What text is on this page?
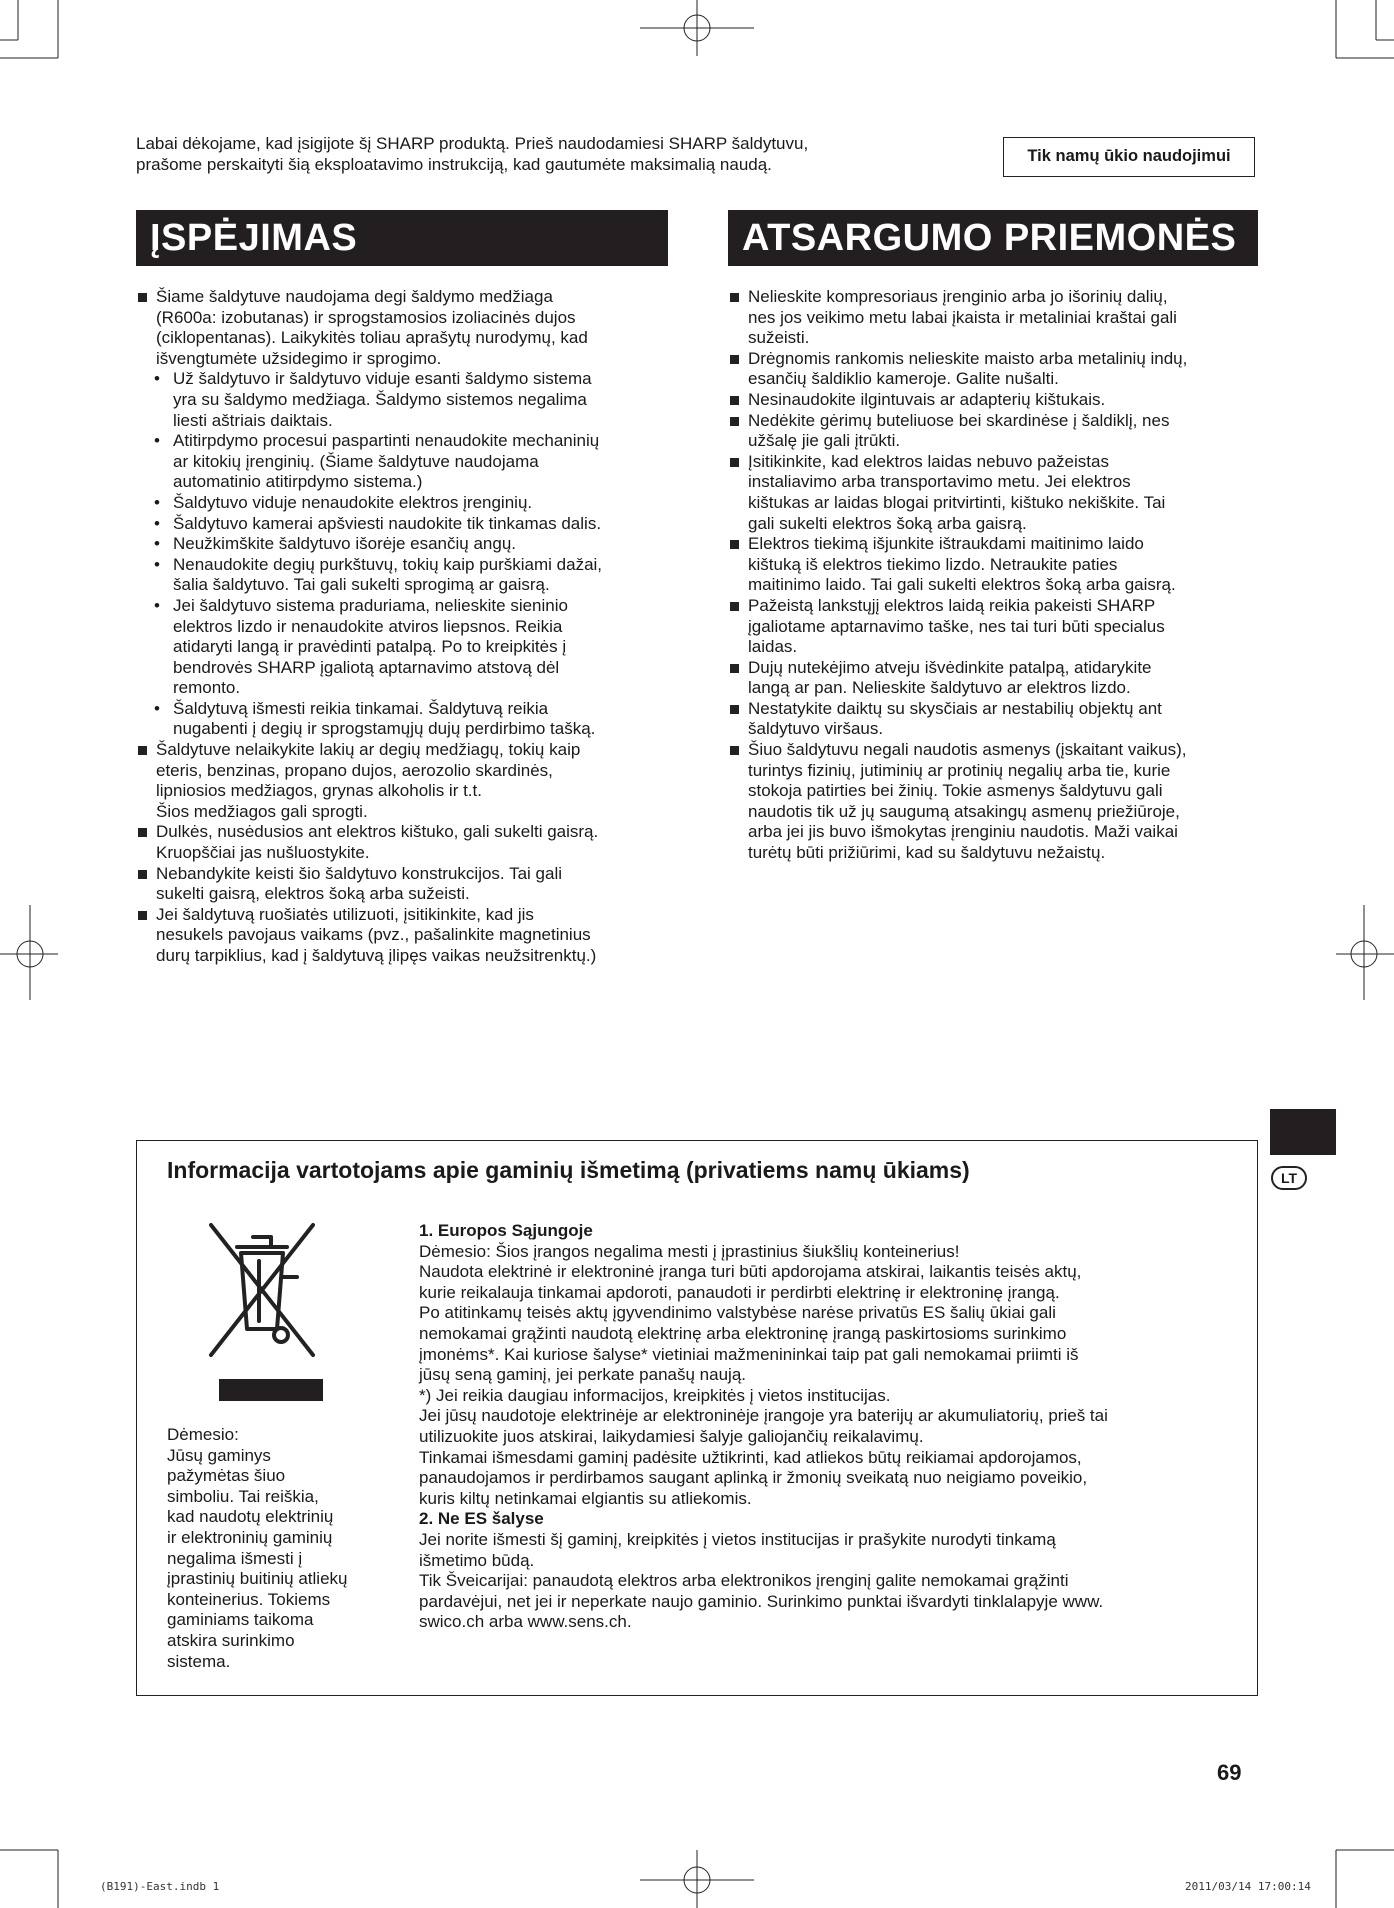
Labai dėkojame, kad įsigijote šį SHARP produktą. Prieš naudodamiesi SHARP šaldytuvu,
prašome perskaityti šią eksploatavimo instrukciją, kad gautumėte maksimalią naudą.	Tik namų ūkio naudojimui
ĮSPĖJIMAS	ATSARGUMO PRIEMONĖS
Šiame šaldytuve naudojama degi šaldymo medžiaga
(R600a: izobutanas) ir sprogstamosios izoliacinės dujos
(ciklopentanas). Laikykitės toliau aprašytų nurodymų, kad
išvengtumėte užsidegimo ir sprogimo.
• Už šaldytuvo ir šaldytuvo viduje esanti šaldymo sistema
yra su šaldymo medžiaga. Šaldymo sistemos negalima
liesti aštriais daiktais.
• Atitirpdymo procesui paspartinti nenaudokite mechaninių
ar kitokių įrenginių. (Šiame šaldytuve naudojama
automatinio atitirpdymo sistema.)
• Šaldytuvo viduje nenaudokite elektros įrenginių.
• Šaldytuvo kamerai apšviesti naudokite tik tinkamas dalis.
• Neužkimškite šaldytuvo išorėje esančių angų.
• Nenaudokite degių purkštuvų, tokių kaip purškiami dažai,
šalia šaldytuvo. Tai gali sukelti sprogimą ar gaisrą.
• Jei šaldytuvo sistema praduriama, nelieskite sieninio
elektros lizdo ir nenaudokite atviros liepsnos. Reikia
atidaryti langą ir pravėdinti patalpą. Po to kreipkitės į
bendrovės SHARP įgaliotą aptarnavimo atstovą dėl
remonto.
• Šaldytuvą išmesti reikia tinkamai. Šaldytuvą reikia
nugabenti į degių ir sprogstamųjų dujų perdirbimo tašką.
Šaldytuve nelaikykite lakių ar degių medžiagų, tokių kaip
eteris, benzinas, propano dujos, aerozolio skardinės,
lipniosios medžiagos, grynas alkoholis ir t.t.
Šios medžiagos gali sprogti.
Dulkės, nusėdusios ant elektros kištuko, gali sukelti gaisrą.
Kruopščiai jas nušluostykite.
Nebandykite keisti šio šaldytuvo konstrukcijos. Tai gali
sukelti gaisrą, elektros šoką arba sužeisti.
Jei šaldytuvą ruošiatės utilizuoti, įsitikinkite, kad jis
nesukels pavojaus vaikams (pvz., pašalinkite magnetinius
durų tarpiklius, kad į šaldytuvą įlipęs vaikas neužsitrenktų.)
Nelieskite kompresoriaus įrenginio arba jo išorinių dalių,
nes jos veikimo metu labai įkaista ir metaliniai kraštai gali
sužeisti.
Drėgnomis rankomis nelieskite maisto arba metalinių indų,
esančių šaldiklio kameroje. Galite nušalti.
Nesinaudokite ilgintuvais ar adapterių kištukais.
Nedėkite gėrimų buteliuose bei skardinėse į šaldiklį, nes
užšalę jie gali įtrūkti.
Įsitikinkite, kad elektros laidas nebuvo pažeistas
instaliavimo arba transportavimo metu. Jei elektros
kištukas ar laidas blogai pritvirtinti, kištuko nekiškite. Tai
gali sukelti elektros šoką arba gaisrą.
Elektros tiekimą išjunkite ištraukdami maitinimo laido
kištuką iš elektros tiekimo lizdo. Netraukite paties
maitinimo laido. Tai gali sukelti elektros šoką arba gaisrą.
Pažeistą lankstųjį elektros laidą reikia pakeisti SHARP
įgaliotame aptarnavimo taške, nes tai turi būti specialus
laidas.
Dujų nutekėjimo atveju išvėdinkite patalpą, atidarykite
langą ar pan. Nelieskite šaldytuvo ar elektros lizdo.
Nestatykite daiktų su skysčiais ar nestabilių objektų ant
šaldytuvo viršaus.
Šiuo šaldytuvu negali naudotis asmenys (įskaitant vaikus),
turintys fizinių, jutiminių ar protinių negalių arba tie, kurie
stokoja patirties bei žinių. Tokie asmenys šaldytuvu gali
naudotis tik už jų saugumą atsakingų asmenų priežiūroje,
arba jei jis buvo išmokytas įrenginiu naudotis. Maži vaikai
turėtų būti prižiūrimi, kad su šaldytuvu nežaistų.
LT
Informacija vartotojams apie gaminių išmetimą (privatiems namų ūkiams)
Dėmesio:
Jūsų gaminys
pažymėtas šiuo
simboliu. Tai reiškia,
kad naudotų elektrinių
ir elektroninių gaminių
negalima išmesti į
įprastinių buitinių atliekų
konteinerius. Tokiems
gaminiams taikoma
atskira surinkimo
sistema.
1. Europos Sąjungoje
Dėmesio: Šios įrangos negalima mesti į įprastinius šiukšlių konteinerius!
Naudota elektrinė ir elektroninė įranga turi būti apdorojama atskirai, laikantis teisės aktų,
kurie reikalauja tinkamai apdoroti, panaudoti ir perdirbti elektrinę ir elektroninę įrangą.
Po atitinkamų teisės aktų įgyvendinimo valstybėse narėse privatūs ES šalių ūkiai gali
nemokamai grąžinti naudotą elektrinę arba elektroninę įrangą paskirtosioms surinkimo
įmonėms*. Kai kuriose šalyse* vietiniai mažmenininkai taip pat gali nemokamai priimti iš
jūsų seną gaminį, jei perkate panašų naują.
*) Jei reikia daugiau informacijos, kreipkitės į vietos institucijas.
Jei jūsų naudotoje elektrinėje ar elektroninėje įrangoje yra baterijų ar akumuliatorių, prieš tai
utilizuokite juos atskirai, laikydamiesi šalyje galiojančių reikalavimų.
Tinkamai išmesdami gaminį padėsite užtikrinti, kad atliekos būtų reikiamai apdorojamos,
panaudojamos ir perdirbamos saugant aplinką ir žmonių sveikatą nuo neigiamo poveikio,
kuris kiltų netinkamai elgiantis su atliekomis.
2. Ne ES šalyse
Jei norite išmesti šį gaminį, kreipkitės į vietos institucijas ir prašykite nurodyti tinkamą
išmetimo būdą.
Tik Šveicarijai: panaudotą elektros arba elektronikos įrenginį galite nemokamai grąžinti
pardavėjui, net jei ir neperkate naujo gaminio. Surinkimo punktai išvardyti tinklalapyje www.
swico.ch arba www.sens.ch.
69
(B191)-East.indb 1	2011/03/14 17:00:14
